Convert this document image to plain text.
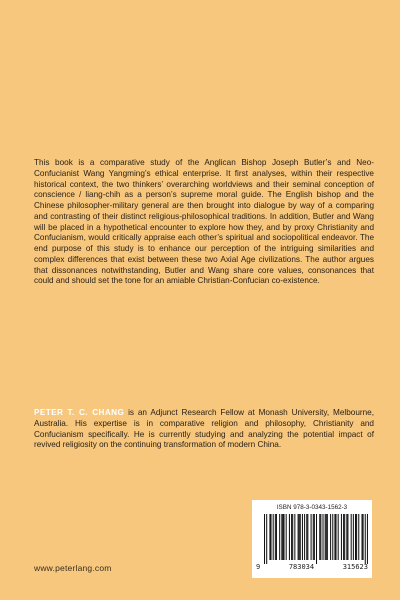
This book is a comparative study of the Anglican Bishop Joseph Butler’s and Neo-Confucianist Wang Yangming’s ethical enterprise. It first analyses, within their respective historical context, the two thinkers’ overarching worldviews and their seminal conception of conscience / liang-chih as a person’s supreme moral guide. The English bishop and the Chinese philosopher-military general are then brought into dialogue by way of a comparing and contrasting of their distinct religious-philosophical traditions. In addition, Butler and Wang will be placed in a hypothetical encounter to explore how they, and by proxy Christianity and Confucianism, would critically appraise each other’s spiritual and sociopolitical endeavor. The end purpose of this study is to enhance our perception of the intriguing similarities and complex differences that exist between these two Axial Age civilizations. The author argues that dissonances notwithstanding, Butler and Wang share core values, consonances that could and should set the tone for an amiable Christian-Confucian co-existence.

PETER T. C. CHANG is an Adjunct Research Fellow at Monash University, Melbourne, Australia. His expertise is in comparative religion and philosophy, Christianity and Confucianism specifically. He is currently studying and analyzing the potential impact of revived religiosity on the continuing transformation of modern China.

ISBN 978-3-0343-1562-3
9	783034	315623
www.peterlang.com
